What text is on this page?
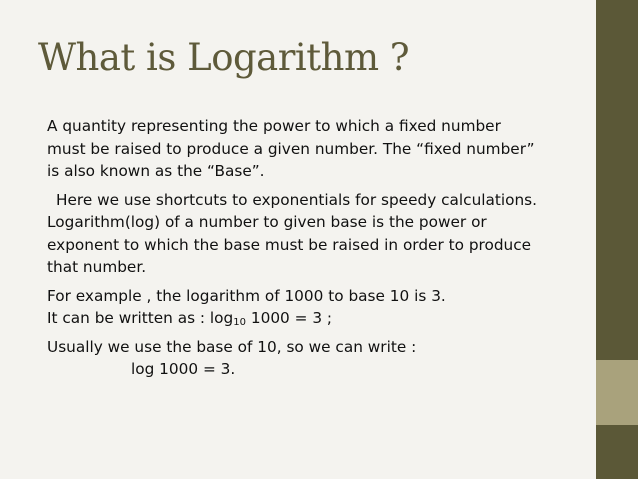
What is Logarithm ?

A quantity representing the power to which a fixed number
must be raised to produce a given number. The “fixed number”
is also known as the “Base”.

Here we use shortcuts to exponentials for speedy calculations.
Logarithm(log) of a number to given base is the power or
exponent to which the base must be raised in order to produce
that number.

For example , the logarithm of 1000 to base 10 is 3.
It can be written as : $\log_{10} 1000 = 3$ ;

Usually we use the base of 10, so we can write :
log 1000 = 3.
